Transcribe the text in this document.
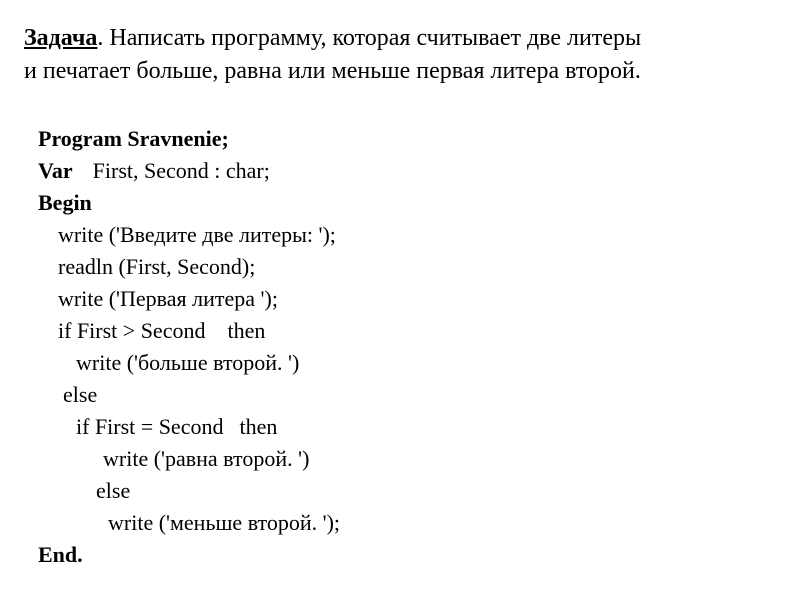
Задача. Написать программу, которая считывает две литеры
и печатает больше, равна или меньше первая литера второй.
Program Sravnenie;
Var First, Second : char;
Begin
write ('Введите две литеры: ');
readln (First, Second);
write ('Первая литера ');
if First > Second then
write ('больше второй. ')
else
if First = Second then
write ('равна второй. ')
else
write ('меньше второй. ');
End.
